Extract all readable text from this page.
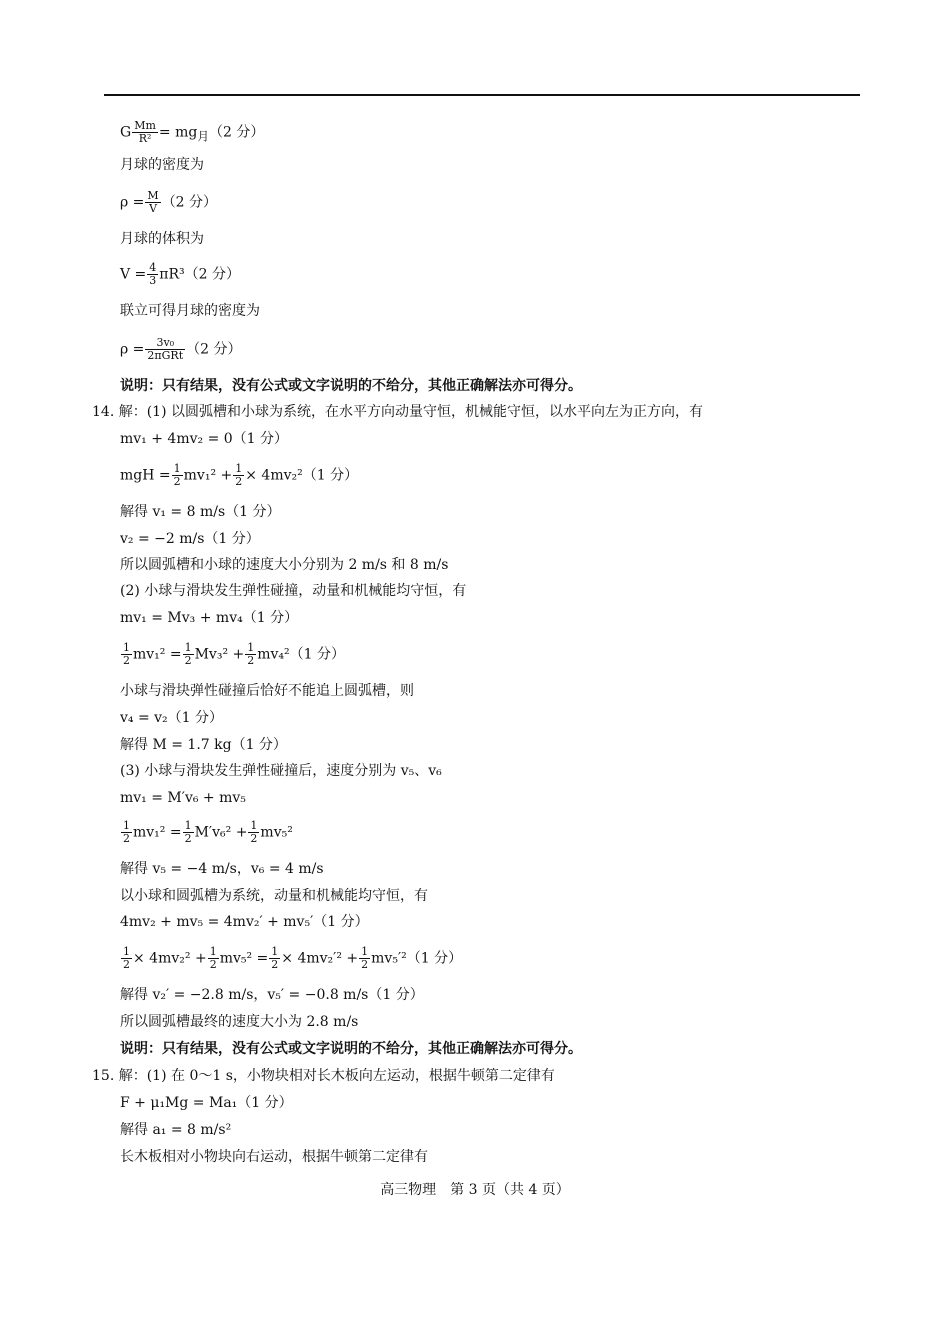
G $\frac{Mm}{\text{R²}} = mg_月(2$ 分）
月球的密度为
$\rho = \frac{M}{V} (2$ 分）
月球的体积为
$V = \frac{4}{3} \pi R^3(2$ 分）
联立可得月球的密度为
$\rho = \frac{\text{3v₀}}{\text{2πGRt}} (2$ 分）
说明：只有结果，没有公式或文字说明的不给分，其他正确解法亦可得分。
14. 解：(1) 以圆弧槽和小球为系统，在水平方向动量守恒，机械能守恒，以水平向左为正方向，有
mv₁ + 4mv₂ = 0（1 分）
mgH = $\frac{1}{2} mv_1^2 + \frac{1}{2} \times 4mv_2^2(1$ 分）
解得 v₁ = 8 m/s（1 分）
v₂ = −2 m/s（1 分）
所以圆弧槽和小球的速度大小分别为 2 m/s 和 8 m/s
(2) 小球与滑块发生弹性碰撞，动量和机械能均守恒，有
mv₁ = Mv₃ + mv₄（1 分）
$\frac{1}{2} mv_1^2 = \frac{1}{2} Mv_3^2 + \frac{1}{2} mv_4^2(1$ 分）
小球与滑块弹性碰撞后恰好不能追上圆弧槽，则
v₄ = v₂（1 分）
解得 M = 1.7 kg（1 分）
(3) 小球与滑块发生弹性碰撞后，速度分别为 v₅、v₆
mv₁ = M′v₆ + mv₅
$\frac{1}{2} mv_1^2 = \frac{1}{2} M'v_6^2 + \frac{1}{2} mv_5^2$
解得 v₅ = −4 m/s，v₆ = 4 m/s
以小球和圆弧槽为系统，动量和机械能均守恒，有
4mv₂ + mv₅ = 4mv₂′ + mv₅′（1 分）
$\frac{1}{2} \times 4mv_2^2 + \frac{1}{2} mv_5^2 = \frac{1}{2} \times 4mv_2'^2 + \frac{1}{2} mv_5'^2(1$ 分）
解得 v₂′ = −2.8 m/s，v₅′ = −0.8 m/s（1 分）
所以圆弧槽最终的速度大小为 2.8 m/s
说明：只有结果，没有公式或文字说明的不给分，其他正确解法亦可得分。
15. 解：(1) 在 0～1 s，小物块相对长木板向左运动，根据牛顿第二定律有
F + μ₁Mg = Ma₁（1 分）
解得 a₁ = 8 m/s²
长木板相对小物块向右运动，根据牛顿第二定律有
高三物理　第 3 页（共 4 页）
